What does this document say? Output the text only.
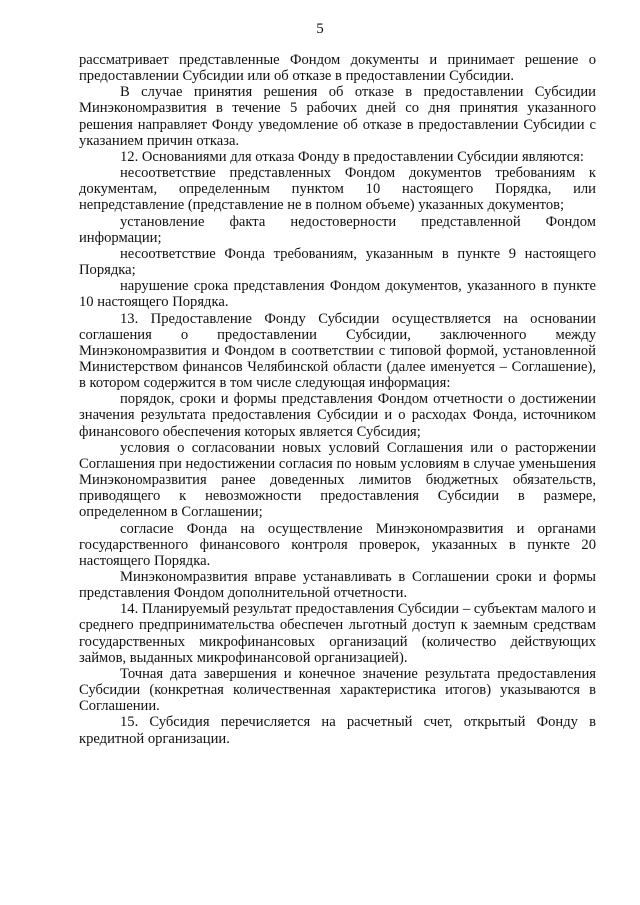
5

рассматривает представленные Фондом документы и принимает решение о предоставлении Субсидии или об отказе в предоставлении Субсидии.

В случае принятия решения об отказе в предоставлении Субсидии Минэкономразвития в течение 5 рабочих дней со дня принятия указанного решения направляет Фонду уведомление об отказе в предоставлении Субсидии с указанием причин отказа.

12. Основаниями для отказа Фонду в предоставлении Субсидии являются:

несоответствие представленных Фондом документов требованиям к документам, определенным пунктом 10 настоящего Порядка, или непредставление (представление не в полном объеме) указанных документов;

установление факта недостоверности представленной Фондом информации;

несоответствие Фонда требованиям, указанным в пункте 9 настоящего Порядка;

нарушение срока представления Фондом документов, указанного в пункте 10 настоящего Порядка.

13. Предоставление Фонду Субсидии осуществляется на основании соглашения о предоставлении Субсидии, заключенного между Минэкономразвития и Фондом в соответствии с типовой формой, установленной Министерством финансов Челябинской области (далее именуется – Соглашение), в котором содержится в том числе следующая информация:

порядок, сроки и формы представления Фондом отчетности о достижении значения результата предоставления Субсидии и о расходах Фонда, источником финансового обеспечения которых является Субсидия;

условия о согласовании новых условий Соглашения или о расторжении Соглашения при недостижении согласия по новым условиям в случае уменьшения Минэкономразвития ранее доведенных лимитов бюджетных обязательств, приводящего к невозможности предоставления Субсидии в размере, определенном в Соглашении;

согласие Фонда на осуществление Минэкономразвития и органами государственного финансового контроля проверок, указанных в пункте 20 настоящего Порядка.

Минэкономразвития вправе устанавливать в Соглашении сроки и формы представления Фондом дополнительной отчетности.

14. Планируемый результат предоставления Субсидии – субъектам малого и среднего предпринимательства обеспечен льготный доступ к заемным средствам государственных микрофинансовых организаций (количество действующих займов, выданных микрофинансовой организацией).

Точная дата завершения и конечное значение результата предоставления Субсидии (конкретная количественная характеристика итогов) указываются в Соглашении.

15. Субсидия перечисляется на расчетный счет, открытый Фонду в кредитной организации.
